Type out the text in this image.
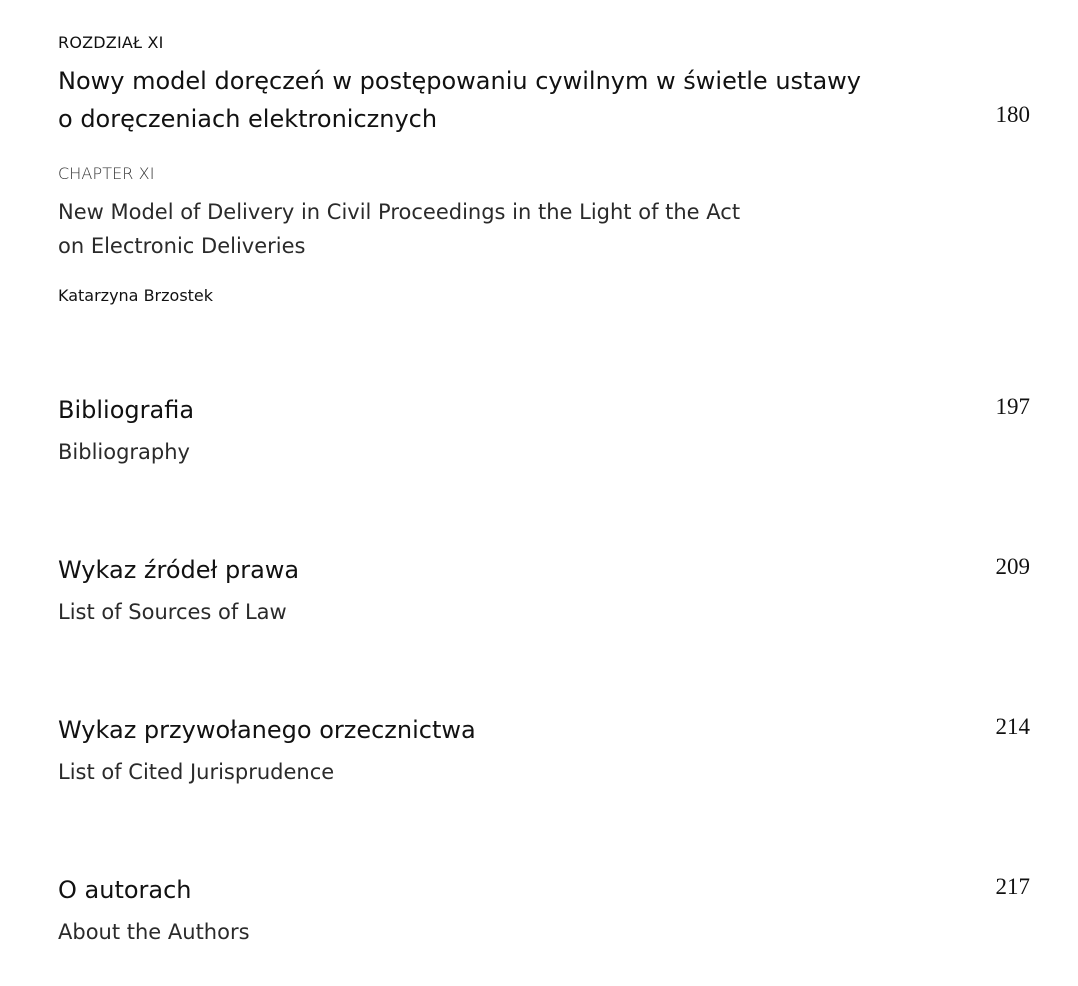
ROZDZIAŁ XI
Nowy model doręczeń w postępowaniu cywilnym w świetle ustawy
o doręczeniach elektronicznych	180
CHAPTER XI
New Model of Delivery in Civil Proceedings in the Light of the Act
on Electronic Deliveries
Katarzyna Brzostek
Bibliografia
Bibliography
197
Wykaz źródeł prawa
List of Sources of Law
209
Wykaz przywołanego orzecznictwa
List of Cited Jurisprudence
214
O autorach
About the Authors
217
